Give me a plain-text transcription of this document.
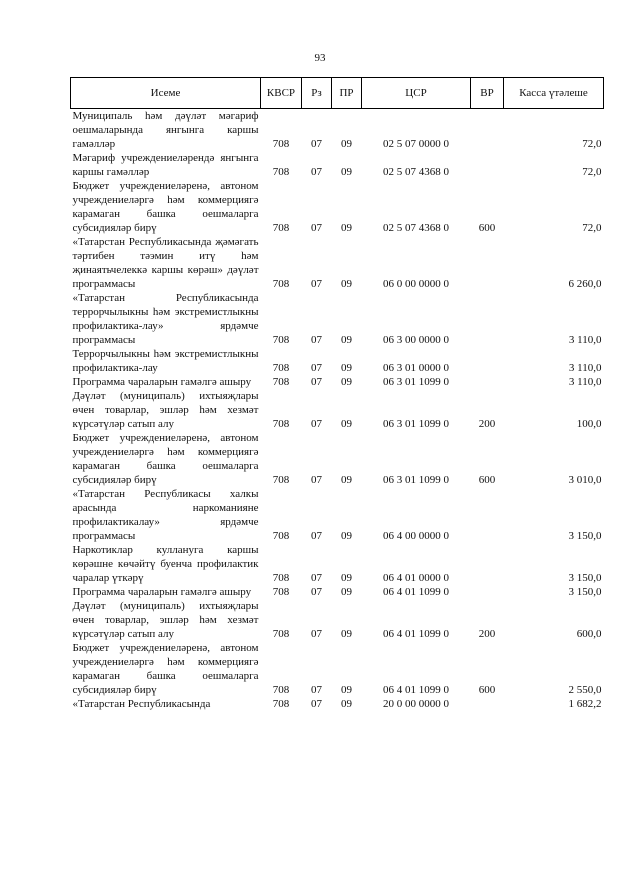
93
Исеме	КВСР	Рз	ПР	ЦСР	ВР	Касса үтәлеше
Муниципаль һәм дәүләт мәгариф оешмаларында янгынга каршы гамәлләр	708	07	09	02 5 07 0000 0		72,0
Мәгариф учреждениеләрендә янгынга каршы гамәлләр	708	07	09	02 5 07 4368 0		72,0
Бюджет учреждениеләренә, автоном учреждениеләргә һәм коммерциягә карамаган башка оешмаларга субсидияләр бирү	708	07	09	02 5 07 4368 0	600	72,0
«Татарстан Республикасында җәмәгать тәртибен тәэмин итү һәм җинаятьчелеккә каршы көрәш» дәүләт программасы	708	07	09	06 0 00 0000 0		6 260,0
«Татарстан Республикасында террорчылыкны һәм экстремистлыкны профилактика-лау» ярдәмче программасы	708	07	09	06 3 00 0000 0		3 110,0
Террорчылыкны һәм экстремистлыкны профилактика-лау	708	07	09	06 3 01 0000 0		3 110,0
Программа чараларын гамәлгә ашыру	708	07	09	06 3 01 1099 0		3 110,0
Дәүләт (муниципаль) ихтыяҗлары өчен товарлар, эшләр һәм хезмәт күрсәтүләр сатып алу	708	07	09	06 3 01 1099 0	200	100,0
Бюджет учреждениеләренә, автоном учреждениеләргә һәм коммерциягә карамаган башка оешмаларга субсидияләр бирү	708	07	09	06 3 01 1099 0	600	3 010,0
«Татарстан Республикасы халкы арасында наркоманияне профилактикалау» ярдәмче программасы	708	07	09	06 4 00 0000 0		3 150,0
Наркотиклар куллануга каршы көрәшне көчәйтү буенча профилактик чаралар үткәрү	708	07	09	06 4 01 0000 0		3 150,0
Программа чараларын гамәлгә ашыру	708	07	09	06 4 01 1099 0		3 150,0
Дәүләт (муниципаль) ихтыяҗлары өчен товарлар, эшләр һәм хезмәт күрсәтүләр сатып алу	708	07	09	06 4 01 1099 0	200	600,0
Бюджет учреждениеләренә, автоном учреждениеләргә һәм коммерциягә карамаган башка оешмаларга субсидияләр бирү	708	07	09	06 4 01 1099 0	600	2 550,0
«Татарстан Республикасында	708	07	09	20 0 00 0000 0		1 682,2
